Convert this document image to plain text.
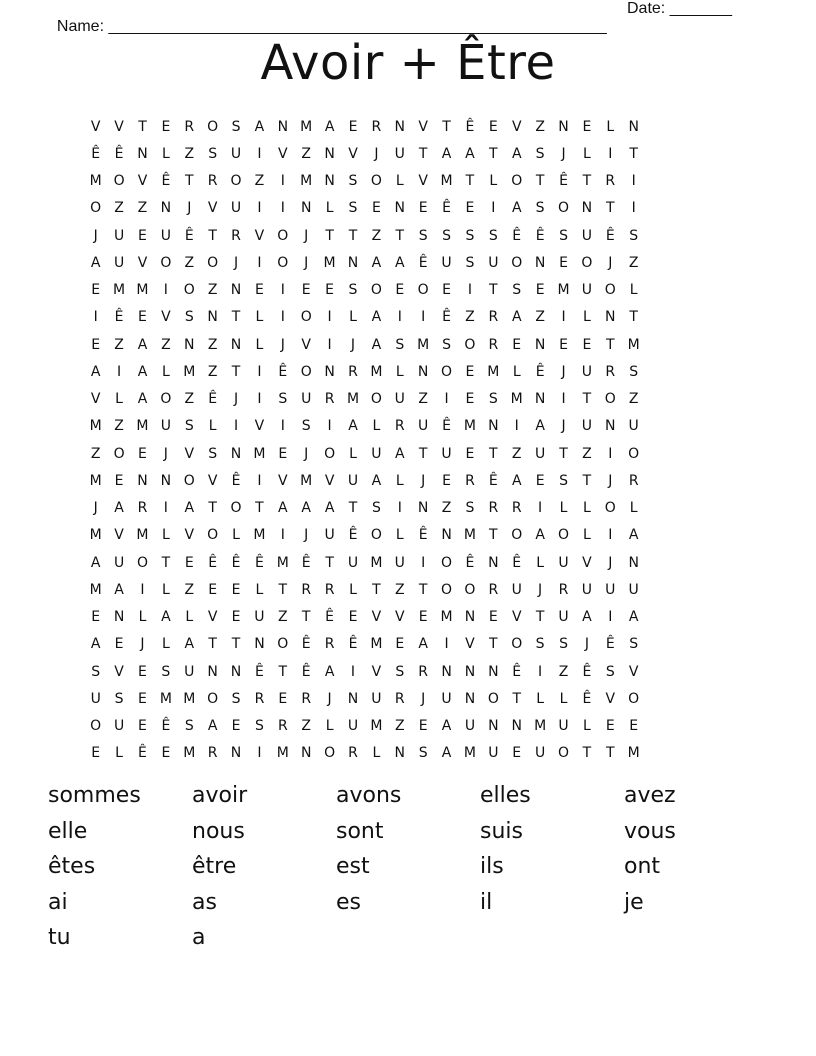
Name: ________________________________________________________

Date: _______

Avoir + Être
V V	T	E	R O S	A N M A	E	R N V	T	Ê	E	V Z N E	L	N
Ê	Ê N	L	Z	S U	I	V Z N V	J	U T	A A	T	A	S	J	L	I	T
M O V	Ê	T	R O Z	I	M N S O L	V M T	L O T	Ê	T	R	I
O Z Z N	J	V U	I	I	N	L	S	E N E	Ê	E	I	A	S O N T	I
J	U E U Ê	T	R V O	J	T	T	Z	T	S	S	S	S	Ê	Ê	S U Ê	S
A U V O Z O	J	I	O	J	M N A A	Ê U S U O N E O	J	Z
E M M	I	O Z N E	I	E	E	S O E O E	I	T	S	E M U O L
I	Ê	E	V	S N T	L	I	O	I	L	A	I	I	Ê	Z R A Z	I	L	N T
E	Z A Z N Z N	L	J	V	I	J	A	S M S O R	E N E	E	T M
A	I	A	L M Z	T	I	Ê O N R M L	N O E M L	Ê	J	U R	S
V	L	A O Z	Ê	J	I	S U R M O U Z	I	E	S M N	I	T O Z
M Z M U S	L	I	V	I	S	I	A	L	R U Ê M N	I	A	J	U N U
Z O E	J	V	S N M E	J	O L	U A	T U E	T	Z U T	Z	I	O
M E N N O V	Ê	I	V M V U A	L	J	E	R	Ê	A	E	S	T	J	R
J	A R	I	A	T O T	A A A	T	S	I	N Z	S	R R	I	L	L O L
M V M L	V O L M	I	J	U Ê O L	Ê N M T O A O L	I	A
A U O T	E	Ê	Ê	Ê M Ê	T U M U	I	O Ê N Ê	L	U V	J	N
M A	I	L	Z	E	E	L	T	R R	L	T	Z	T O O R U	J	R U U U
E N	L	A	L	V	E U Z	T	Ê	E	V V	E M N E	V	T U A	I	A
A	E	J	L	A	T	T N O Ê	R	Ê M E	A	I	V	T O S	S	J	Ê	S
S	V	E	S U N N Ê	T	Ê	A	I	V	S	R N N N Ê	I	Z	Ê	S	V
U S	E M M O S	R	E	R	J	N U R	J	U N O T	L	L	Ê	V O
O U E	Ê	S	A	E	S	R Z	L	U M Z	E	A U N N M U	L	E	E
E	L	Ê	E M R N	I	M N O R	L	N S	A M U E U O T	T M
sommes	avoir	avons	elles	avez
elle	nous	sont	suis	vous
êtes	être	est	ils	ont
ai	as	es	il	je
tu	a
